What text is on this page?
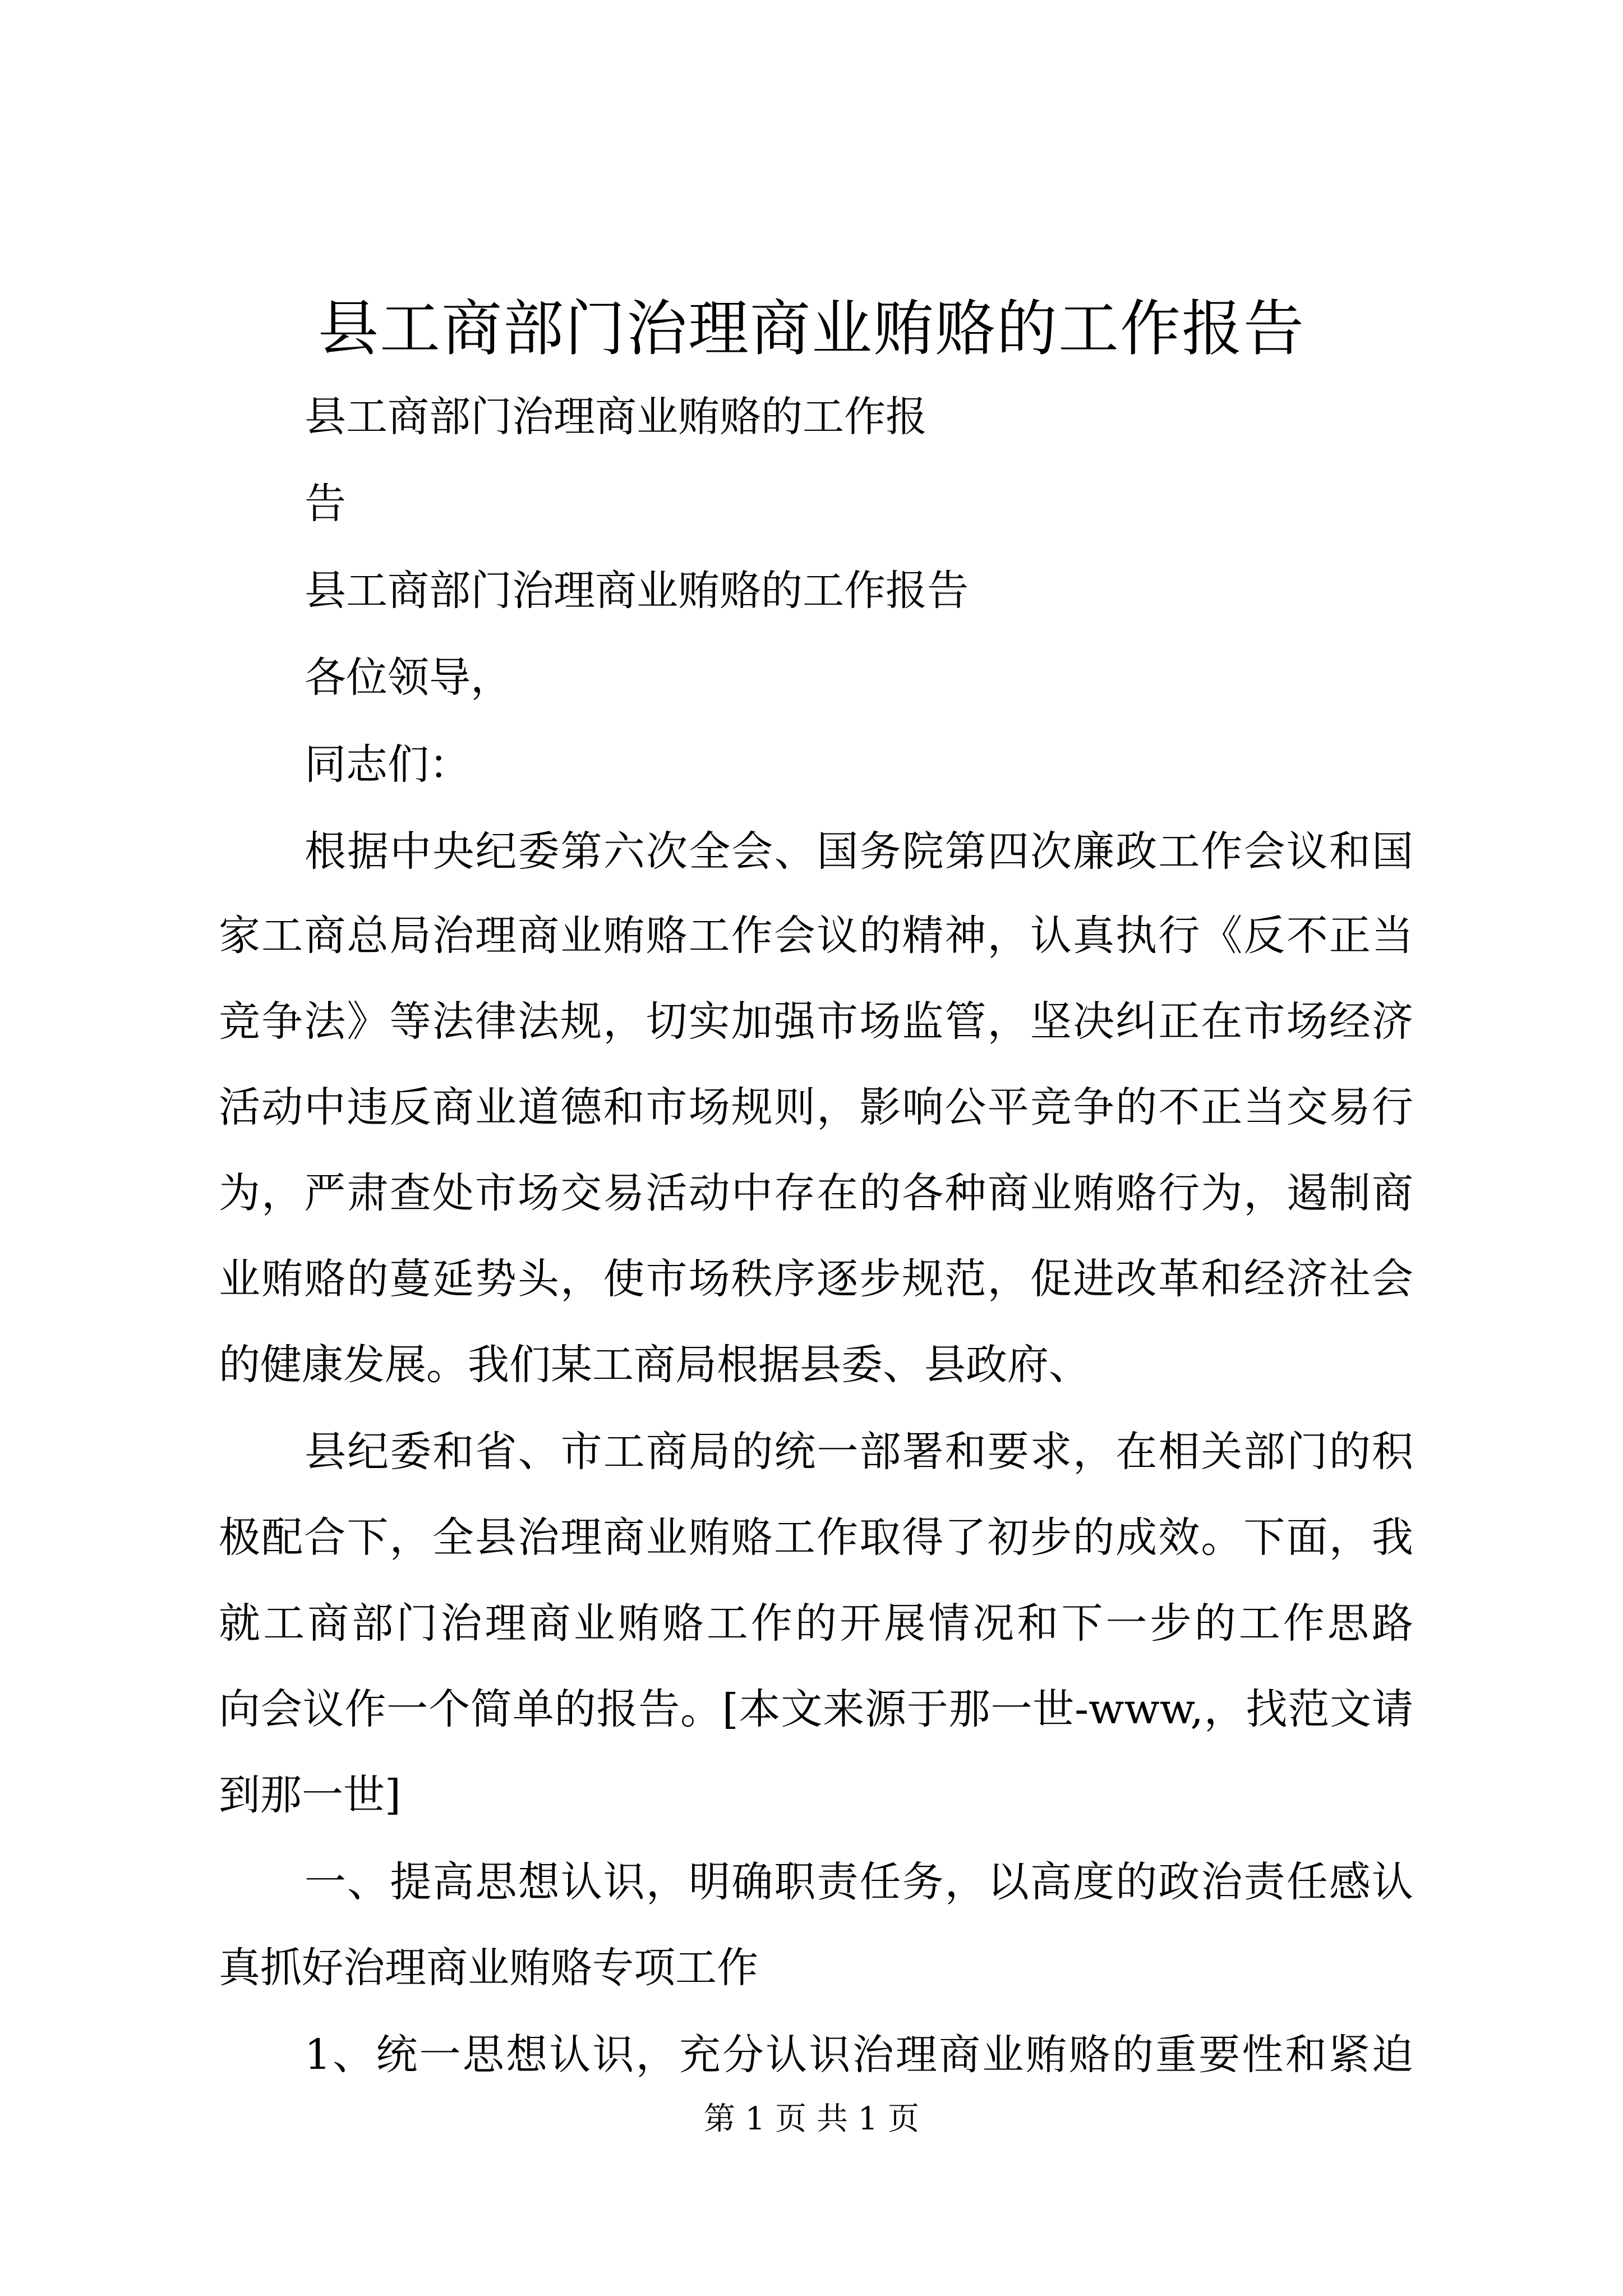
县工商部门治理商业贿赂的工作报告
县工商部门治理商业贿赂的工作报
告
县工商部门治理商业贿赂的工作报告
各位领导，
同志们：
根据中央纪委第六次全会、国务院第四次廉政工作会议和国
家工商总局治理商业贿赂工作会议的精神，认真执行《反不正当
竞争法》等法律法规，切实加强市场监管，坚决纠正在市场经济
活动中违反商业道德和市场规则，影响公平竞争的不正当交易行
为，严肃查处市场交易活动中存在的各种商业贿赂行为，遏制商
业贿赂的蔓延势头，使市场秩序逐步规范，促进改革和经济社会
的健康发展。我们某工商局根据县委、县政府、
县纪委和省、市工商局的统一部署和要求，在相关部门的积
极配合下，全县治理商业贿赂工作取得了初步的成效。下面，我
就工商部门治理商业贿赂工作的开展情况和下一步的工作思路
向会议作一个简单的报告。[本文来源于那一世-www,，找范文请
到那一世]
一、提高思想认识，明确职责任务，以高度的政治责任感认
真抓好治理商业贿赂专项工作
1、统一思想认识，充分认识治理商业贿赂的重要性和紧迫
第 1 页 共 1 页
